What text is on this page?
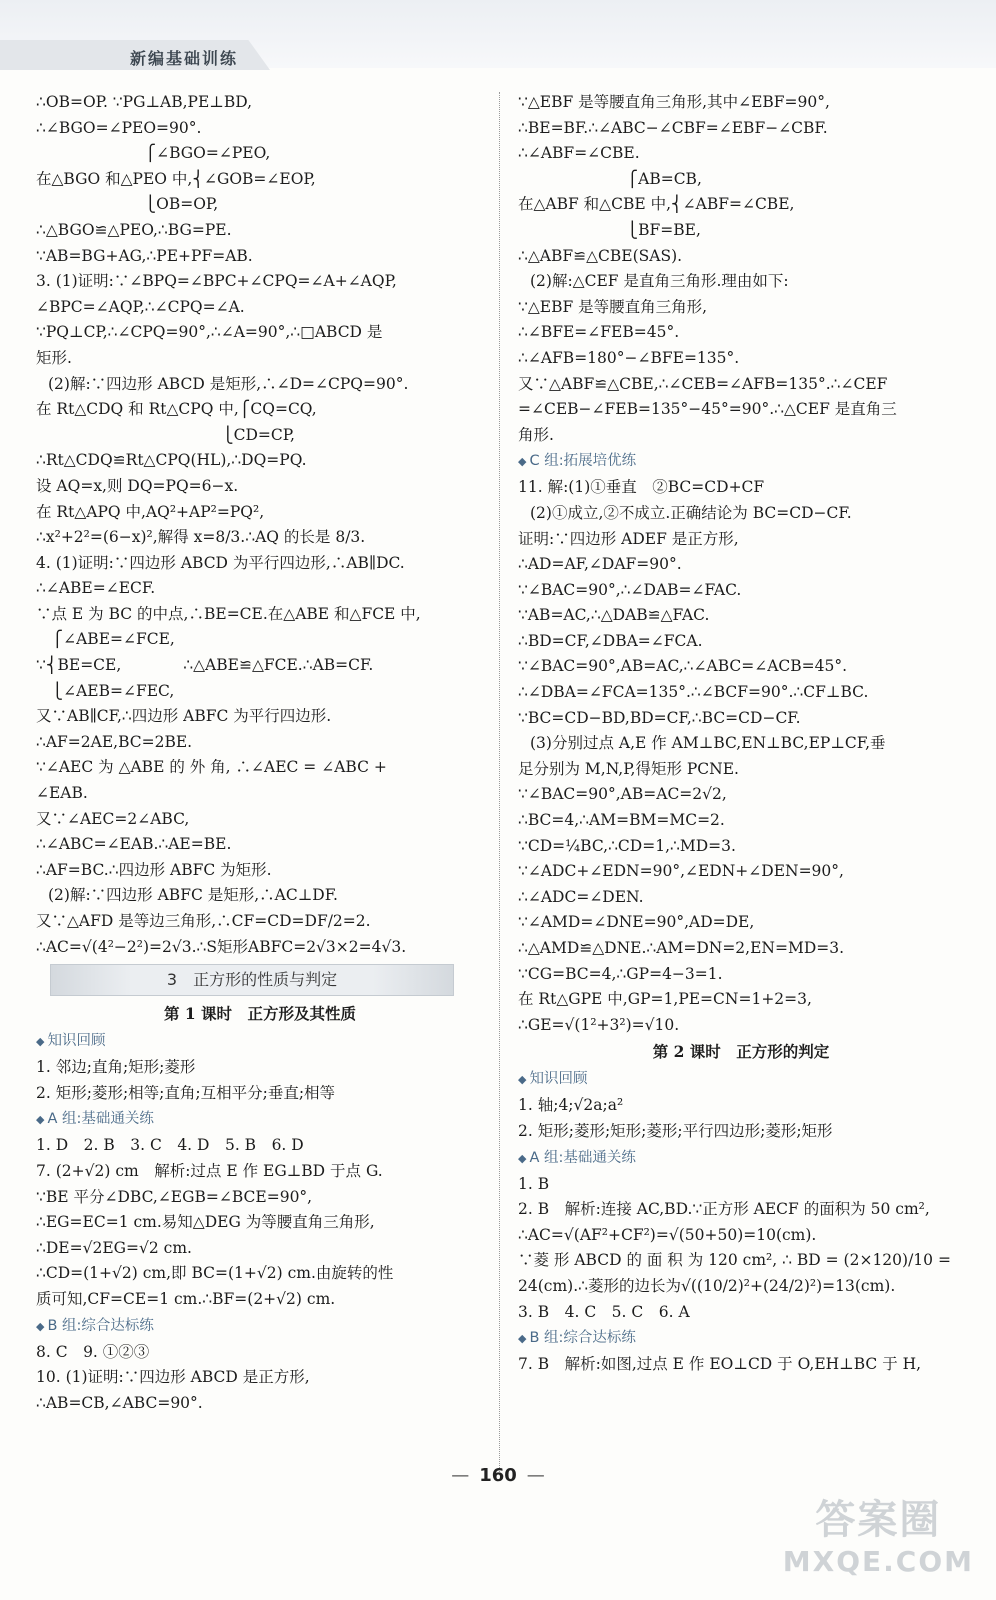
新编基础训练
∴OB=OP. ∵PG⊥AB,PE⊥BD,
∴∠BGO=∠PEO=90°.
　　　　　　　⎧∠BGO=∠PEO,
在△BGO 和△PEO 中,⎨∠GOB=∠EOP,
　　　　　　　⎩OB=OP,
∴△BGO≌△PEO,∴BG=PE.
∵AB=BG+AG,∴PE+PF=AB.
3. (1)证明:∵∠BPQ=∠BPC+∠CPQ=∠A+∠AQP,
∠BPC=∠AQP,∴∠CPQ=∠A.
∵PQ⊥CP,∴∠CPQ=90°,∴∠A=90°,∴□ABCD 是
矩形.
(2)解:∵四边形 ABCD 是矩形,∴∠D=∠CPQ=90°.
在 Rt△CDQ 和 Rt△CPQ 中,⎧CQ=CQ,
　　　　　　　　　　　　⎩CD=CP,
∴Rt△CDQ≌Rt△CPQ(HL),∴DQ=PQ.
设 AQ=x,则 DQ=PQ=6−x.
在 Rt△APQ 中,AQ²+AP²=PQ²,
∴x²+2²=(6−x)²,解得 x=8/3.∴AQ 的长是 8/3.
4. (1)证明:∵四边形 ABCD 为平行四边形,∴AB∥DC.
∴∠ABE=∠ECF.
∵点 E 为 BC 的中点,∴BE=CE.在△ABE 和△FCE 中,
　⎧∠ABE=∠FCE,
∵⎨BE=CE,　　　　∴△ABE≌△FCE.∴AB=CF.
　⎩∠AEB=∠FEC,
又∵AB∥CF,∴四边形 ABFC 为平行四边形.
∴AF=2AE,BC=2BE.
∵∠AEC 为 △ABE 的 外 角, ∴∠AEC = ∠ABC +
∠EAB.
又∵∠AEC=2∠ABC,
∴∠ABC=∠EAB.∴AE=BE.
∴AF=BC.∴四边形 ABFC 为矩形.
(2)解:∵四边形 ABFC 是矩形,∴AC⊥DF.
又∵△AFD 是等边三角形,∴CF=CD=DF/2=2.
∴AC=√(4²−2²)=2√3.∴S矩形ABFC=2√3×2=4√3.
3　正方形的性质与判定
第 1 课时　正方形及其性质
◆ 知识回顾
1. 邻边;直角;矩形;菱形
2. 矩形;菱形;相等;直角;互相平分;垂直;相等
◆ A 组:基础通关练
1. D　2. B　3. C　4. D　5. B　6. D
7. (2+√2) cm　解析:过点 E 作 EG⊥BD 于点 G.
∵BE 平分∠DBC,∠EGB=∠BCE=90°,
∴EG=EC=1 cm.易知△DEG 为等腰直角三角形,
∴DE=√2EG=√2 cm.
∴CD=(1+√2) cm,即 BC=(1+√2) cm.由旋转的性
质可知,CF=CE=1 cm.∴BF=(2+√2) cm.
◆ B 组:综合达标练
8. C　9. ①②③
10. (1)证明:∵四边形 ABCD 是正方形,
∴AB=CB,∠ABC=90°.
∵△EBF 是等腰直角三角形,其中∠EBF=90°,
∴BE=BF.∴∠ABC−∠CBF=∠EBF−∠CBF.
∴∠ABF=∠CBE.
　　　　　　　⎧AB=CB,
在△ABF 和△CBE 中,⎨∠ABF=∠CBE,
　　　　　　　⎩BF=BE,
∴△ABF≌△CBE(SAS).
(2)解:△CEF 是直角三角形.理由如下:
∵△EBF 是等腰直角三角形,
∴∠BFE=∠FEB=45°.
∴∠AFB=180°−∠BFE=135°.
又∵△ABF≌△CBE,∴∠CEB=∠AFB=135°.∴∠CEF
=∠CEB−∠FEB=135°−45°=90°.∴△CEF 是直角三
角形.
◆ C 组:拓展培优练
11. 解:(1)①垂直　②BC=CD+CF
(2)①成立,②不成立.正确结论为 BC=CD−CF.
证明:∵四边形 ADEF 是正方形,
∴AD=AF,∠DAF=90°.
∵∠BAC=90°,∴∠DAB=∠FAC.
∵AB=AC,∴△DAB≌△FAC.
∴BD=CF,∠DBA=∠FCA.
∵∠BAC=90°,AB=AC,∴∠ABC=∠ACB=45°.
∴∠DBA=∠FCA=135°.∴∠BCF=90°.∴CF⊥BC.
∵BC=CD−BD,BD=CF,∴BC=CD−CF.
(3)分别过点 A,E 作 AM⊥BC,EN⊥BC,EP⊥CF,垂
足分别为 M,N,P,得矩形 PCNE.
∵∠BAC=90°,AB=AC=2√2,
∴BC=4,∴AM=BM=MC=2.
∵CD=¼BC,∴CD=1,∴MD=3.
∵∠ADC+∠EDN=90°,∠EDN+∠DEN=90°,
∴∠ADC=∠DEN.
∵∠AMD=∠DNE=90°,AD=DE,
∴△AMD≌△DNE.∴AM=DN=2,EN=MD=3.
∵CG=BC=4,∴GP=4−3=1.
在 Rt△GPE 中,GP=1,PE=CN=1+2=3,
∴GE=√(1²+3²)=√10.
第 2 课时　正方形的判定
◆ 知识回顾
1. 轴;4;√2a;a²
2. 矩形;菱形;矩形;菱形;平行四边形;菱形;矩形
◆ A 组:基础通关练
1. B
2. B　解析:连接 AC,BD.∵正方形 AECF 的面积为 50 cm²,
∴AC=√(AF²+CF²)=√(50+50)=10(cm).
∵菱 形 ABCD 的 面 积 为 120 cm², ∴ BD = (2×120)/10 =
24(cm).∴菱形的边长为√((10/2)²+(24/2)²)=13(cm).
3. B　4. C　5. C　6. A
◆ B 组:综合达标练
7. B　解析:如图,过点 E 作 EO⊥CD 于 O,EH⊥BC 于 H,
— 160 —
答案圈
MXQE.COM
